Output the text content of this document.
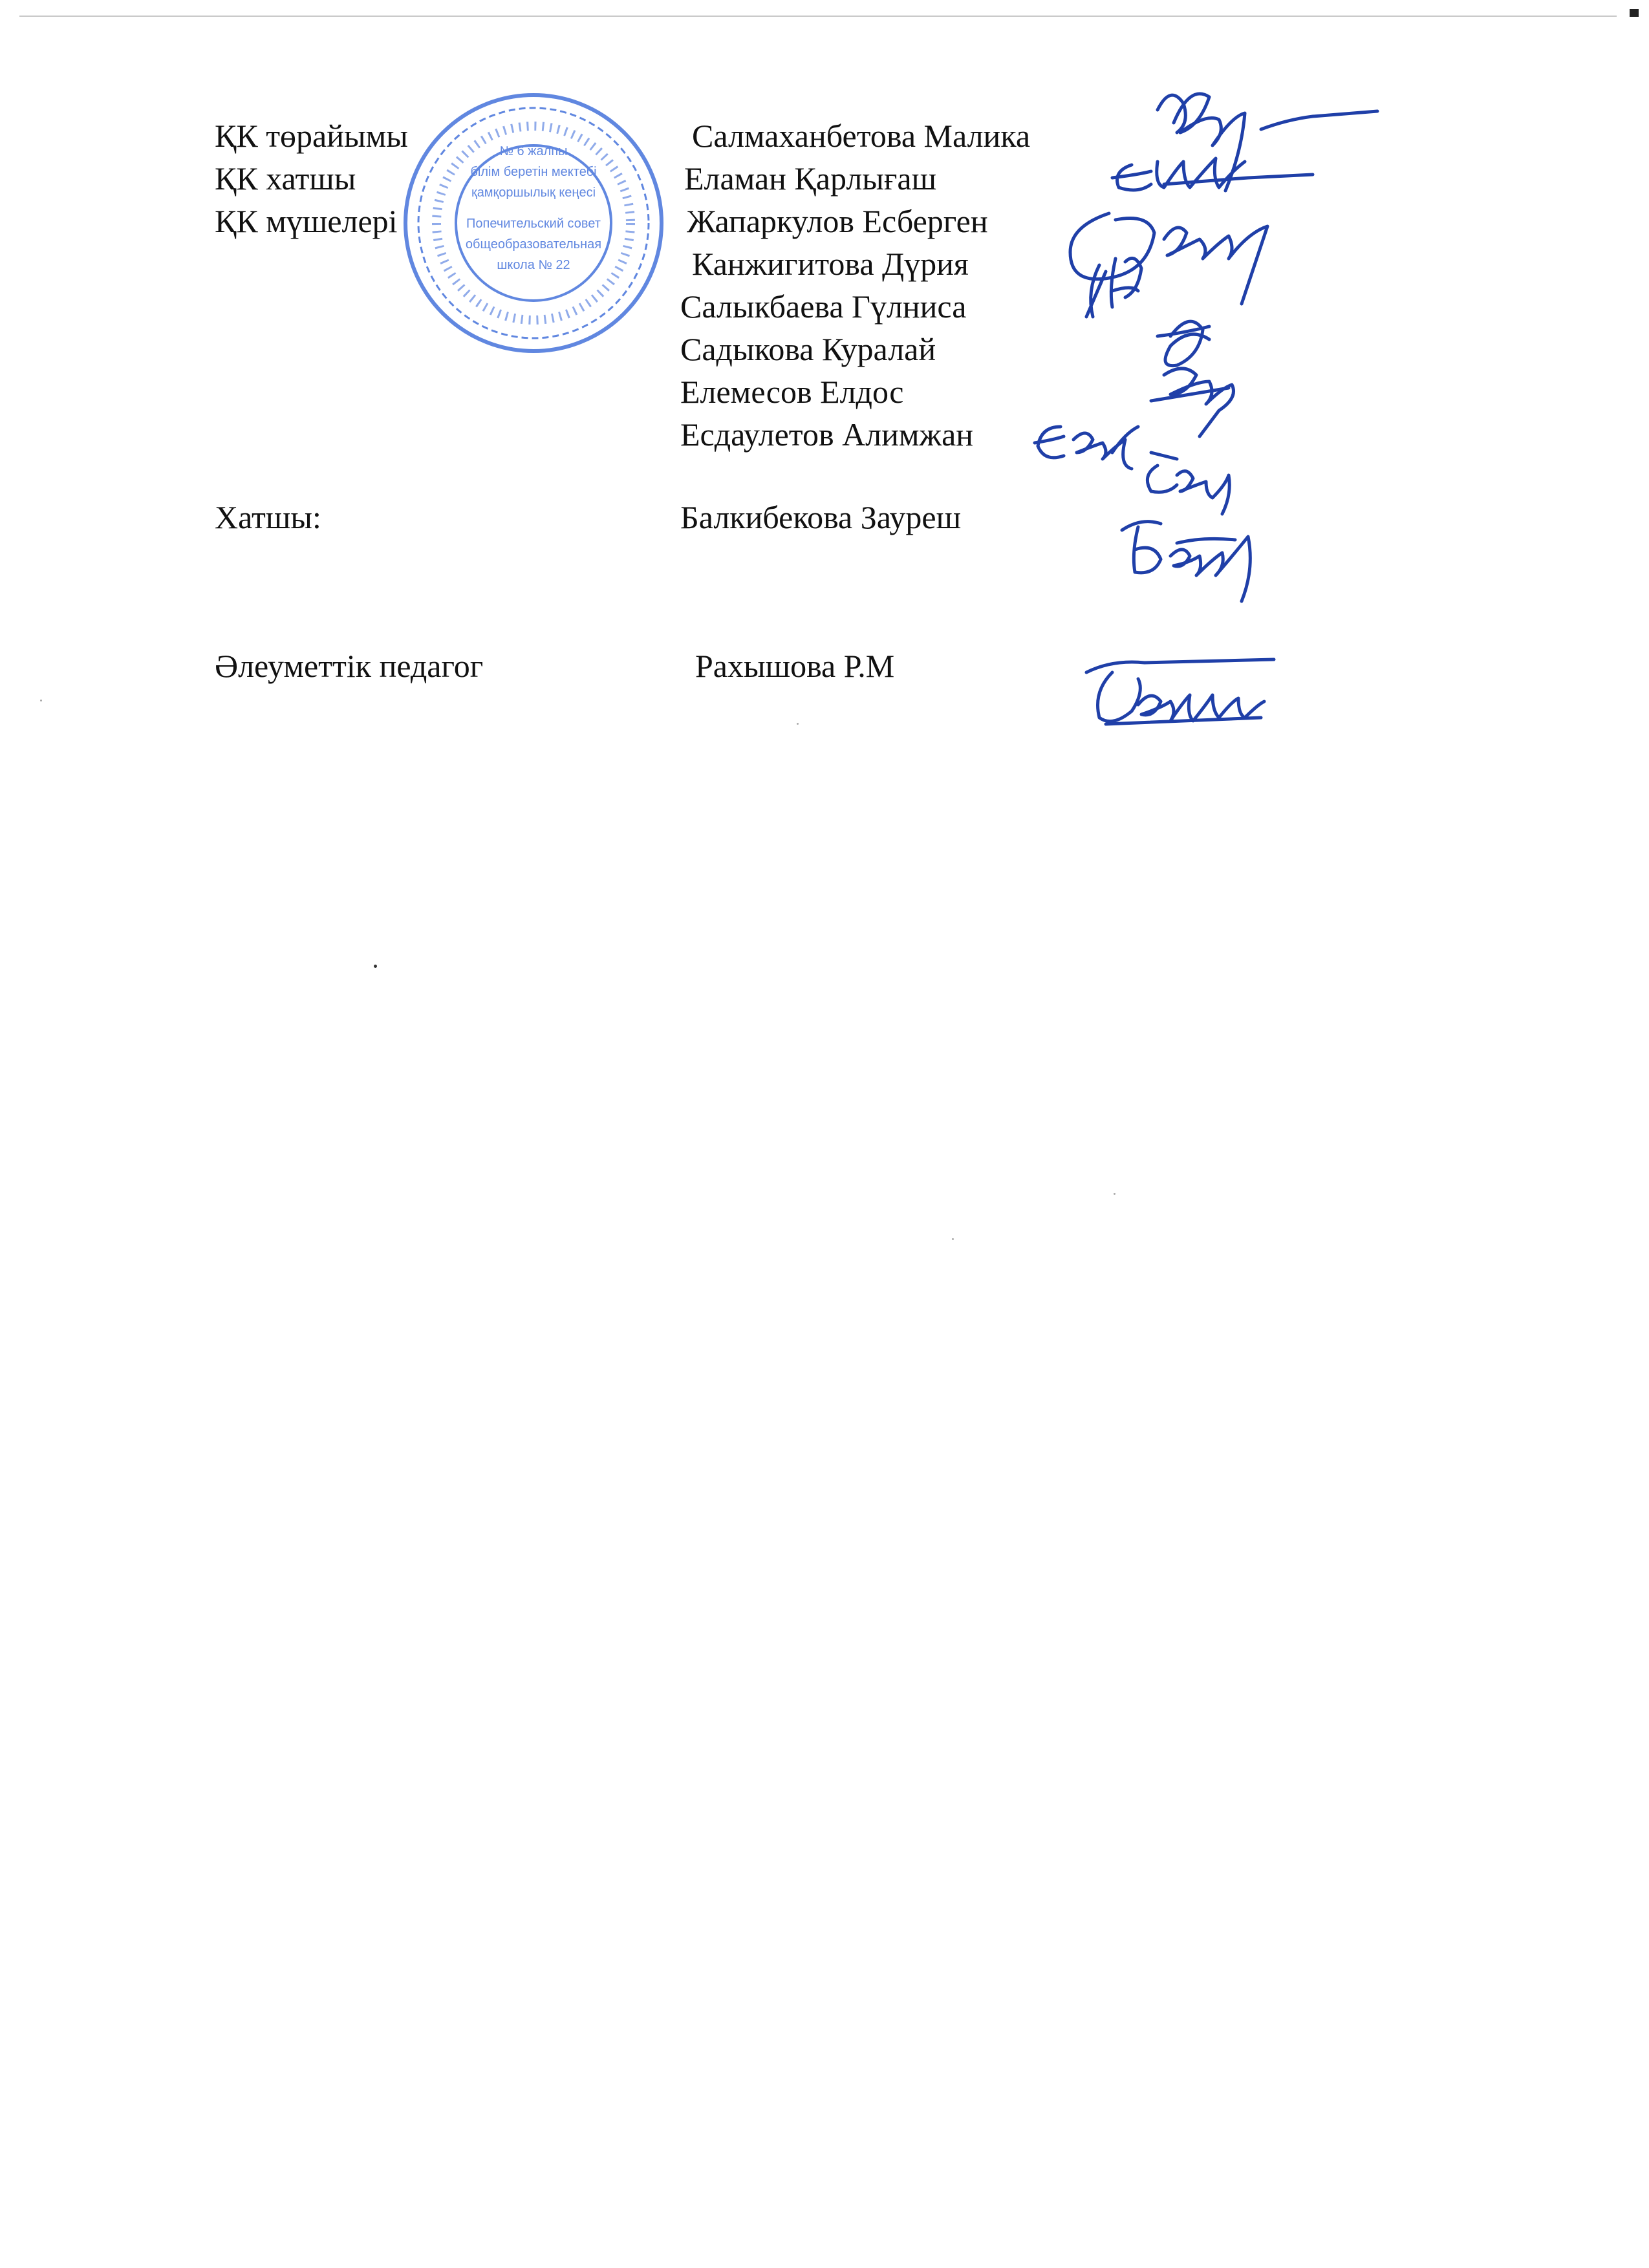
№ 6 жалпы
білім беретін мектебі
қамқоршылық кеңесі
Попечительский совет
общеобразовательная
школа № 22
ҚК төрайымы
ҚК хатшы
ҚК мүшелері
Салмаханбетова Малика
Еламан Қарлығаш
Жапаркулов Есберген
Канжигитова Дүрия
Салыкбаева Гүлниса
Садыкова Куралай
Елемесов Елдос
Есдаулетов Алимжан
Хатшы:	Балкибекова Зауреш
Әлеуметтік педагог	Рахышова Р.М
